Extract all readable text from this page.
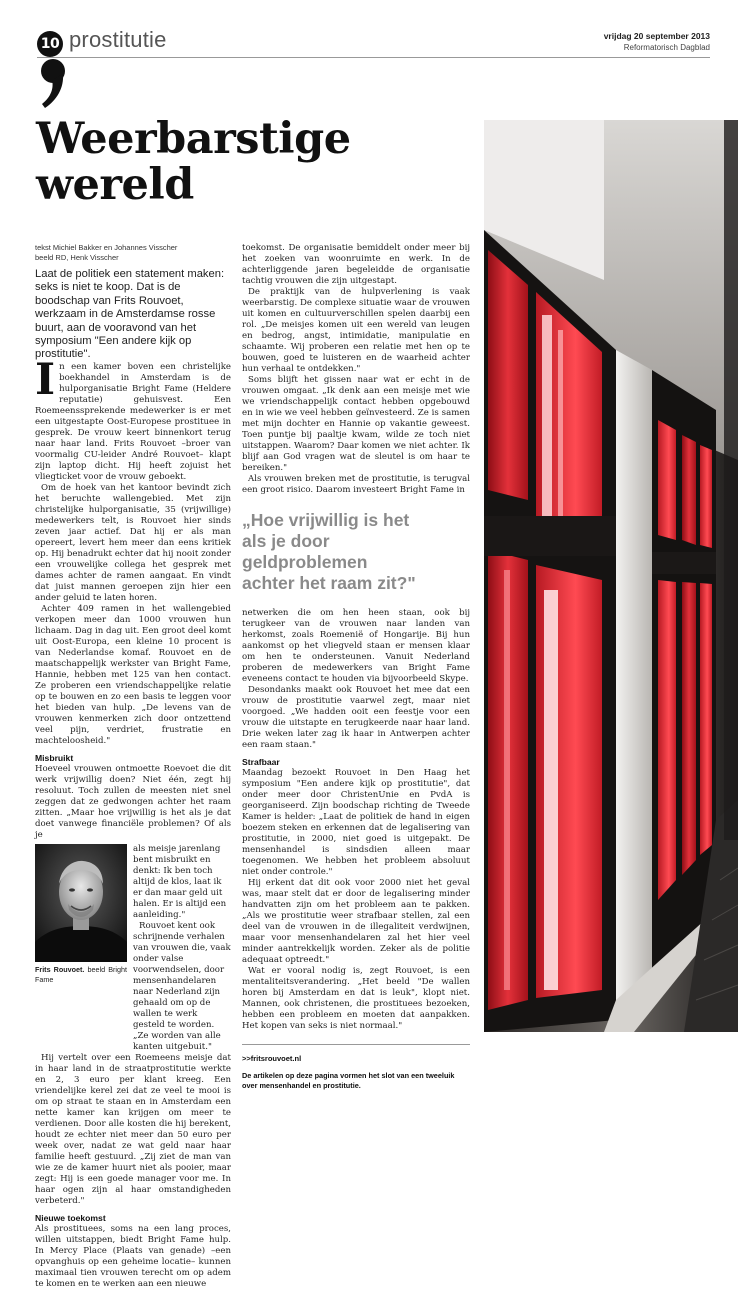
10 prostitutie	vrijdag 20 september 2013
Reformatorisch Dagblad
Weerbarstige wereld
tekst Michiel Bakker en Johannes Visscher
beeld RD, Henk Visscher
Laat de politiek een statement maken: seks is niet te koop. Dat is de boodschap van Frits Rouvoet, werkzaam in de Amsterdamse rosse buurt, aan de vooravond van het symposium "Een andere kijk op prostitutie".
I n een kamer boven een christelijke boekhandel in Amsterdam is de hulporganisatie Bright Fame (Heldere reputatie) gehuisvest. Een Roemeenssprekende medewerker is er met een uitgestapte Oost-Europese prostituee in gesprek. De vrouw keert binnenkort terug naar haar land. Frits Rouvoet –broer van voormalig CU-leider André Rouvoet– klapt zijn laptop dicht. Hij heeft zojuist het vliegticket voor de vrouw geboekt.

Om de hoek van het kantoor bevindt zich het beruchte wallengebied. Met zijn christelijke hulporganisatie, 35 (vrijwillige) medewerkers telt, is Rouvoet hier sinds zeven jaar actief. Dat hij er als man opereert, levert hem meer dan eens kritiek op. Hij benadrukt echter dat hij nooit zonder een vrouwelijke collega het gesprek met dames achter de ramen aangaat. En vindt dat juist mannen geroepen zijn hier een ander geluid te laten horen.

Achter 409 ramen in het wallengebied verkopen meer dan 1000 vrouwen hun lichaam. Dag in dag uit. Een groot deel komt uit Oost-Europa, een kleine 10 procent is van Nederlandse komaf. Rouvoet en de maatschappelijk werkster van Bright Fame, Hannie, hebben met 125 van hen contact. Ze proberen een vriendschappelijke relatie op te bouwen en zo een basis te leggen voor het bieden van hulp. „De levens van de vrouwen kenmerken zich door ontzettend veel pijn, verdriet, frustratie en machteloosheid."

Misbruikt

Hoeveel vrouwen ontmoette Roevoet die dit werk vrijwillig doen? Niet één, zegt hij resoluut. Toch zullen de meesten niet snel zeggen dat ze gedwongen achter het raam zitten. „Maar hoe vrijwillig is het als je dat doet vanwege financiële problemen? Of als je

Frits Rouvoet. beeld Bright Fame

als meisje jarenlang bent misbruikt en denkt: Ik ben toch altijd de klos, laat ik er dan maar geld uit halen. Er is altijd een aanleiding."

Rouvoet kent ook schrijnende verhalen van vrouwen die, vaak onder valse voorwendselen, door mensenhandelaren naar Nederland zijn gehaald om op de wallen te werk gesteld te worden. „Ze worden van alle kanten uitgebuit."

Hij vertelt over een Roemeens meisje dat in haar land in de straatprostitutie werkte en 2, 3 euro per klant kreeg. Een vriendelijke kerel zei dat ze veel te mooi is om op straat te staan en in Amsterdam een nette kamer kan krijgen om meer te verdienen. Door alle kosten die hij berekent, houdt ze echter niet meer dan 50 euro per week over, nadat ze wat geld naar haar familie heeft gestuurd. „Zij ziet de man van wie ze de kamer huurt niet als pooier, maar zegt: Hij is een goede manager voor me. In haar ogen zijn al haar omstandigheden verbeterd."

Nieuwe toekomst

Als prostituees, soms na een lang proces, willen uitstappen, biedt Bright Fame hulp. In Mercy Place (Plaats van genade) –een opvanghuis op een geheime locatie– kunnen maximaal tien vrouwen terecht om op adem te komen en te werken aan een nieuwe

toekomst. De organisatie bemiddelt onder meer bij het zoeken van woonruimte en werk. In de achterliggende jaren begeleidde de organisatie tachtig vrouwen die zijn uitgestapt.

De praktijk van de hulpverlening is vaak weerbarstig. De complexe situatie waar de vrouwen uit komen en cultuurverschillen spelen daarbij een rol. „De meisjes komen uit een wereld van leugen en bedrog, angst, intimidatie, manipulatie en schaamte. Wij proberen een relatie met hen op te bouwen, goed te luisteren en de waarheid achter hun verhaal te ontdekken."

Soms blijft het gissen naar wat er echt in de vrouwen omgaat. „Ik denk aan een meisje met wie we vriendschappelijk contact hebben opgebouwd en in wie we veel hebben geïnvesteerd. Ze is samen met mijn dochter en Hannie op vakantie geweest. Toen puntje bij paaltje kwam, wilde ze toch niet uitstappen. Waarom? Daar komen we niet achter. Ik blijf aan God vragen wat de sleutel is om haar te bereiken."

Als vrouwen breken met de prostitutie, is terugval een groot risico. Daarom investeert Bright Fame in

„Hoe vrijwillig is het als je door geldproblemen achter het raam zit?"

netwerken die om hen heen staan, ook bij terugkeer van de vrouwen naar landen van herkomst, zoals Roemenië of Hongarije. Bij hun aankomst op het vliegveld staan er mensen klaar om hen te ondersteunen. Vanuit Nederland proberen de medewerkers van Bright Fame eveneens contact te houden via bijvoorbeeld Skype.

Desondanks maakt ook Rouvoet het mee dat een vrouw de prostitutie vaarwel zegt, maar niet voorgoed. „We hadden ooit een feestje voor een vrouw die uitstapte en terugkeerde naar haar land. Drie weken later zag ik haar in Antwerpen achter een raam staan."

Strafbaar

Maandag bezoekt Rouvoet in Den Haag het symposium "Een andere kijk op prostitutie", dat onder meer door ChristenUnie en PvdA is georganiseerd. Zijn boodschap richting de Tweede Kamer is helder: „Laat de politiek de hand in eigen boezem steken en erkennen dat de legalisering van prostitutie, in 2000, niet goed is uitgepakt. De mensenhandel is sindsdien alleen maar toegenomen. We hebben het probleem absoluut niet onder controle."

Hij erkent dat dit ook voor 2000 niet het geval was, maar stelt dat er door de legalisering minder handvatten zijn om het probleem aan te pakken. „Als we prostitutie weer strafbaar stellen, zal een deel van de vrouwen in de illegaliteit verdwijnen, maar voor mensenhandelaren zal het hier veel minder aantrekkelijk worden. Zeker als de politie adequaat optreedt."

Wat er vooral nodig is, zegt Rouvoet, is een mentaliteitsverandering. „Het beeld "De wallen horen bij Amsterdam en dat is leuk", klopt niet. Mannen, ook christenen, die prostituees bezoeken, hebben een probleem en moeten dat aanpakken. Het kopen van seks is niet normaal."

>>fritsrouvoet.nl
De artikelen op deze pagina vormen het slot van een tweeluik over mensenhandel en prostitutie.
